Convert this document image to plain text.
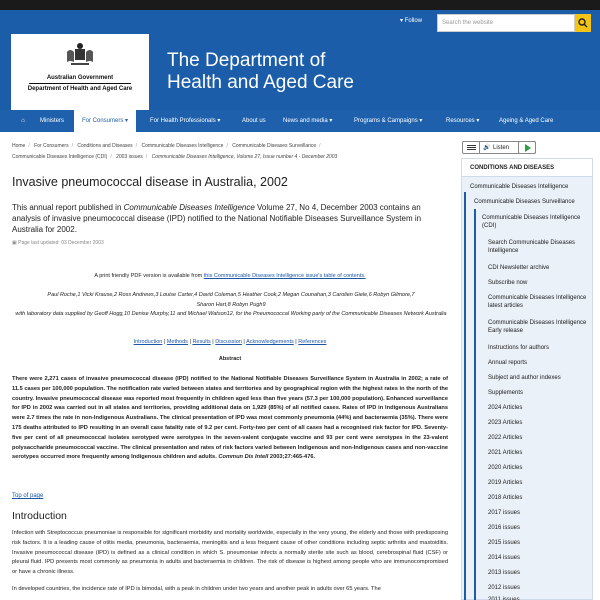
Australian Government
Department of Health and Aged Care
The Department of
Health and Aged Care
▾ Follow	Search the website
⌂	Ministers	For Consumers ▾	For Health Professionals ▾	About us	News and media ▾	Programs & Campaigns ▾	Resources ▾	Ageing & Aged Care
Home / For Consumers / Conditions and Diseases / Communicable Diseases Intelligence / Communicable Diseases Surveillance /
Communicable Diseases Intelligence (CDI) / 2003 issues / Communicable Diseases Intelligence, Volume 27, Issue number 4 - December 2003
🔊 Listen
Invasive pneumococcal disease in Australia, 2002
This annual report published in Communicable Diseases Intelligence Volume 27, No 4, December 2003 contains an analysis of invasive pneumococcal disease (IPD) notified to the National Notifiable Diseases Surveillance System in Australia for 2002.
▣ Page last updated: 03 December 2003
A print friendly PDF version is available from this Communicable Diseases Intelligence issue's table of contents.
Paul Roche,1 Vicki Krause,2 Ross Andrews,3 Louise Carter,4 David Coleman,5 Heather Cook,2 Megan Counahan,3 Carolien Giele,6 Robyn Gilmore,7
Sharon Hart,8 Robyn Pugh9
with laboratory data supplied by Geoff Hogg,10 Denise Murphy,11 and Michael Watson12, for the Pneumococcal Working party of the Communicable Diseases Network Australia
Introduction | Methods | Results | Discussion | Acknowledgements | References
Abstract
There were 2,271 cases of invasive pneumococcal disease (IPD) notified to the National Notifiable Diseases Surveillance System in Australia in 2002; a rate of 11.5 cases per 100,000 population. The notification rate varied between states and territories and by geographical region with the highest rates in the north of the country. Invasive pneumococcal disease was reported most frequently in children aged less than five years (57.3 per 100,000 population). Enhanced surveillance for IPD in 2002 was carried out in all states and territories, providing additional data on 1,929 (85%) of all notified cases. Rates of IPD in Indigenous Australians were 2.7 times the rate in non-Indigenous Australians. The clinical presentation of IPD was most commonly pneumonia (44%) and bacteraemia (35%). There were 175 deaths attributed to IPD resulting in an overall case fatality rate of 9.2 per cent. Forty-two per cent of all cases had a recognised risk factor for IPD. Seventy-five per cent of all pneumococcal isolates serotyped were serotypes in the seven-valent conjugate vaccine and 93 per cent were serotypes in the 23-valent polysaccharide pneumococcal vaccine. The clinical presentation and rates of risk factors varied between Indigenous and non-Indigenous cases and non-vaccine serotypes occurred more frequently among Indigenous children and adults. Commun Dis Intell 2003;27:465-476.
Top of page
Introduction
Infection with Streptococcus pneumoniae is responsible for significant morbidity and mortality worldwide, especially in the very young, the elderly and those with predisposing risk factors. It is a leading cause of otitis media, pneumonia, bacteraemia, meningitis and a less frequent cause of other conditions including septic arthritis and mastoiditis. Invasive pneumococcal disease (IPD) is defined as a clinical condition in which S. pneumoniae infects a normally sterile site such as blood, cerebrospinal fluid (CSF) or pleural fluid. IPD presents most commonly as pneumonia in adults and bacteraemia in children. The risk of disease is highest among people who are immunocompromised or have a chronic illness.
In developed countries, the incidence rate of IPD is bimodal, with a peak in children under two years and another peak in adults over 65 years. The
CONDITIONS AND DISEASES
Communicable Diseases Intelligence
Communicable Diseases Surveillance
Communicable Diseases Intelligence (CDI)
Search Communicable Diseases Intelligence
CDI Newsletter archive
Subscribe now
Communicable Diseases Intelligence latest articles
Communicable Diseases Intelligence Early release
Instructions for authors
Annual reports
Subject and author indexes
Supplements
2024 Articles
2023 Articles
2022 Articles
2021 Articles
2020 Articles
2019 Articles
2018 Articles
2017 issues
2016 issues
2015 issues
2014 issues
2013 issues
2012 issues
2011 issues
